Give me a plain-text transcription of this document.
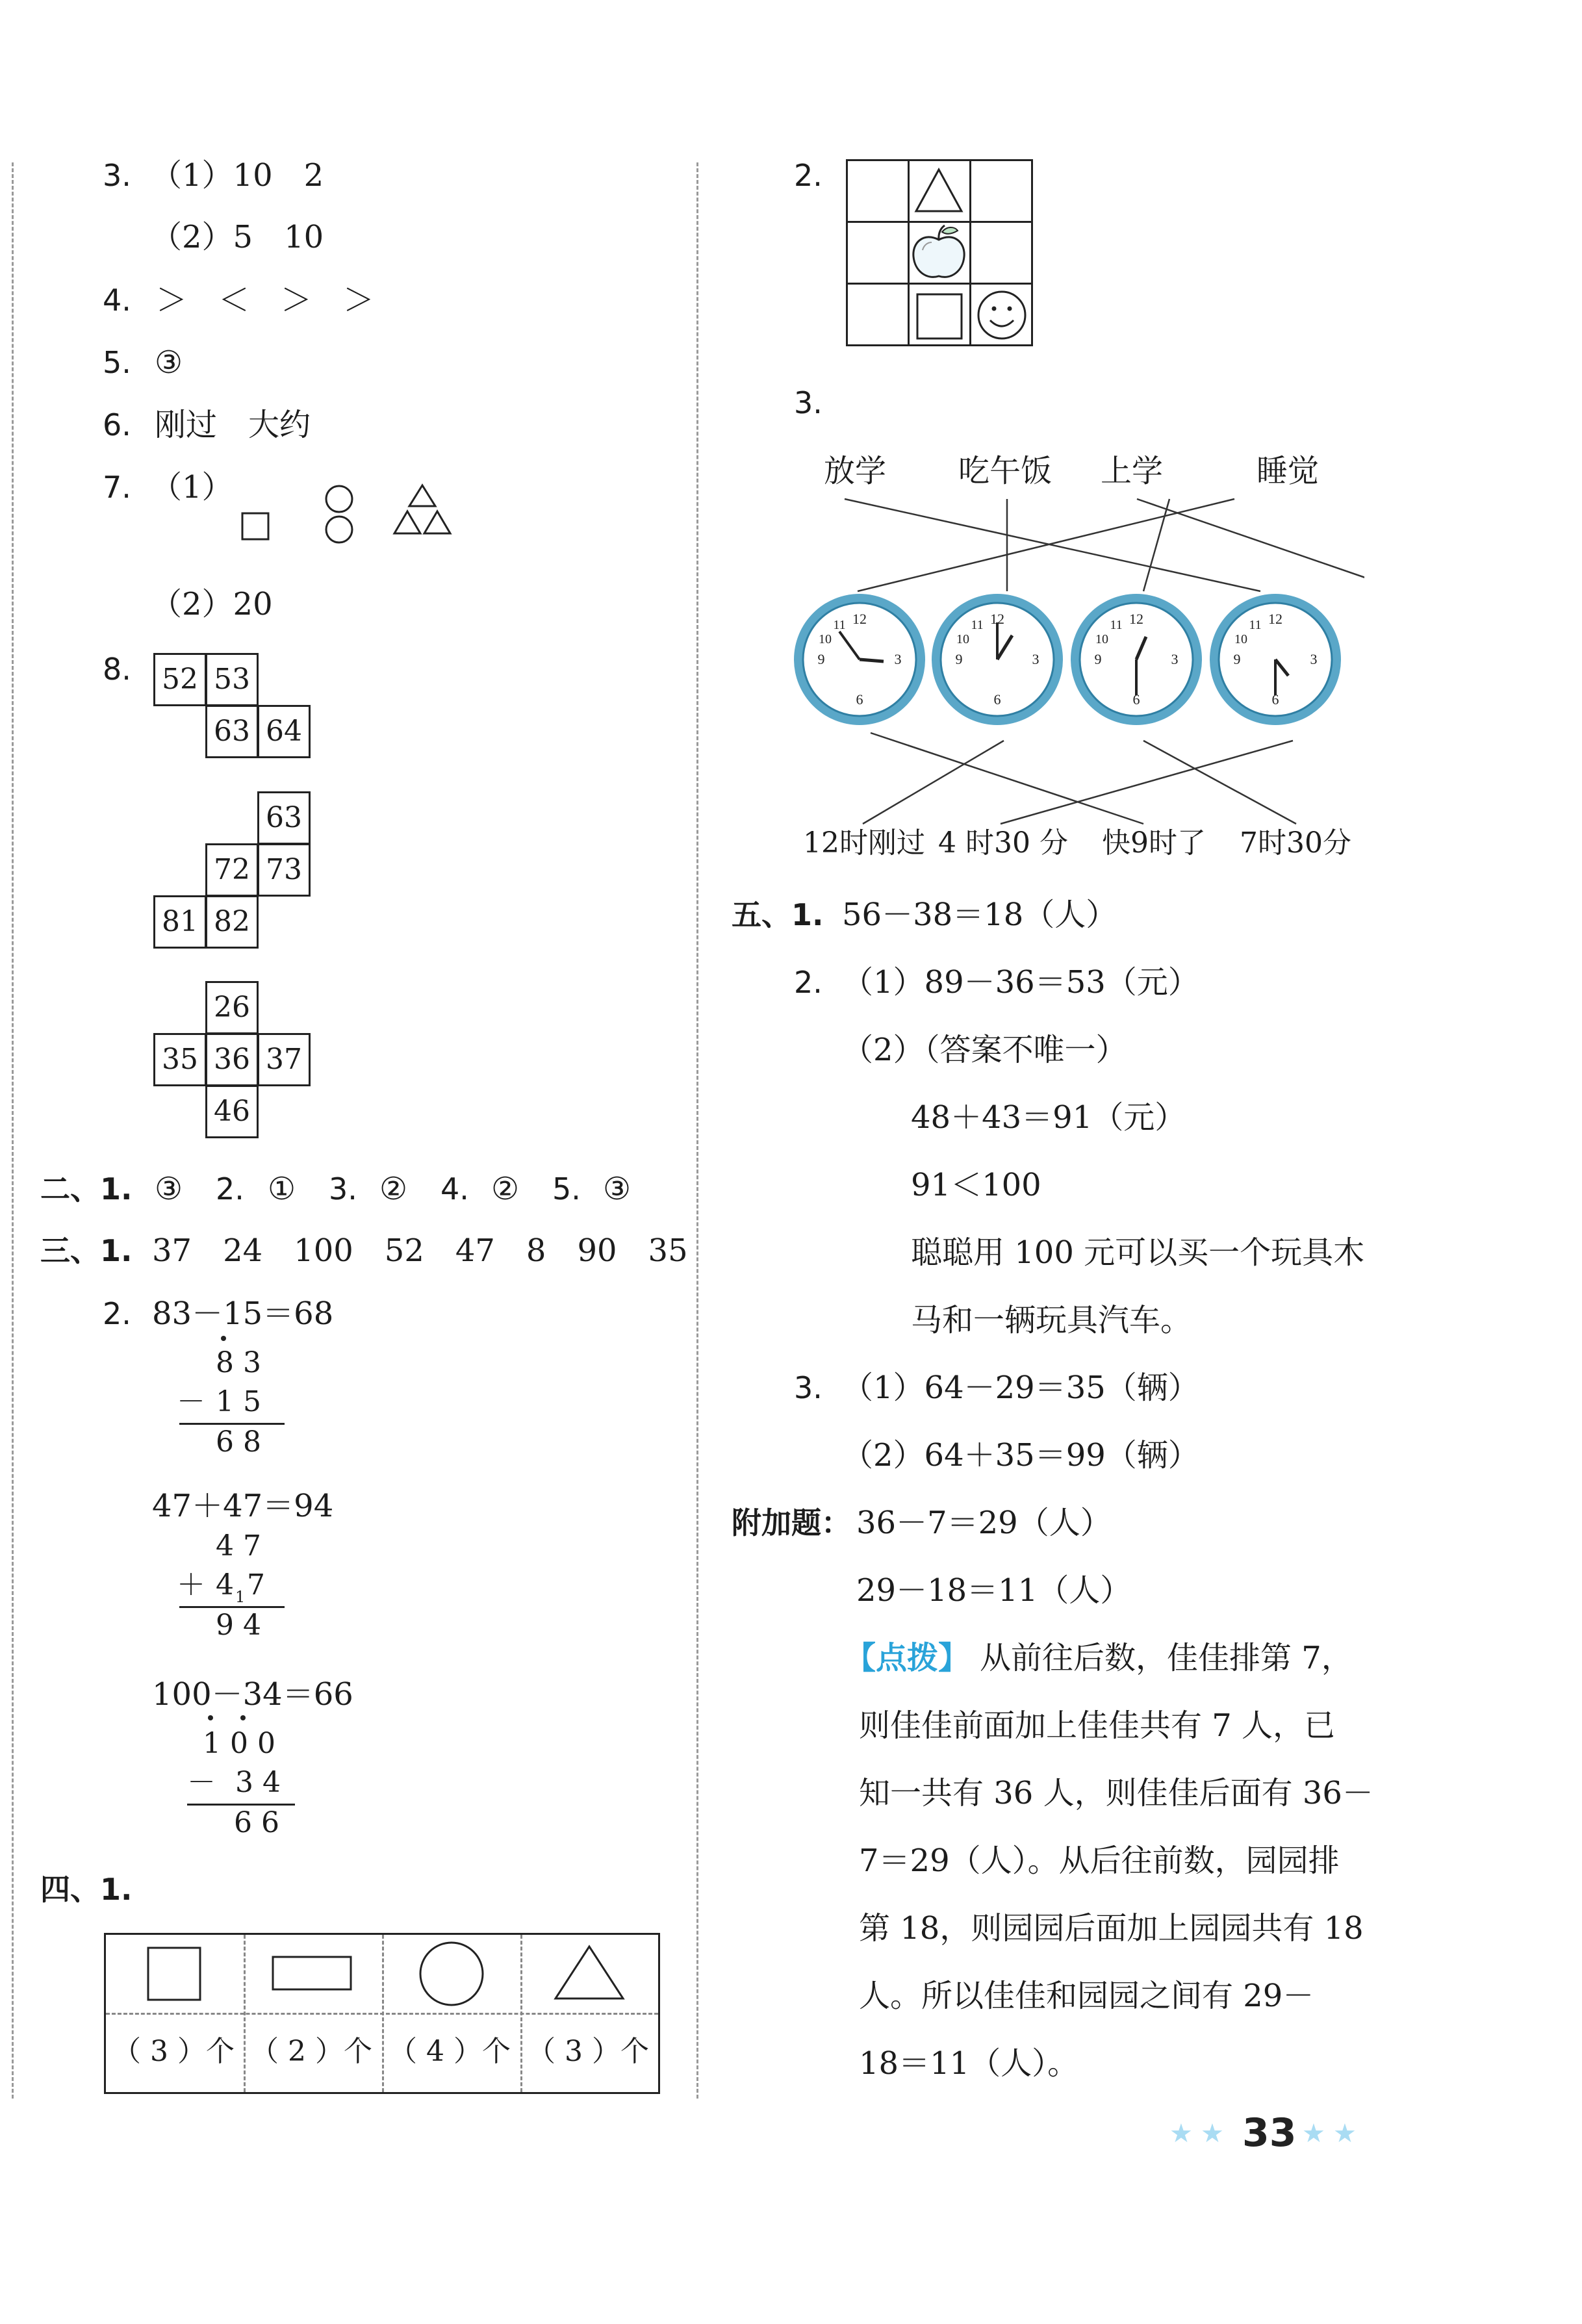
3. （1）10　2
（2）5　10
4. ＞　＜　＞　＞
5. ③
6. 刚过　大约
7. （1）
（2）20
8. 52 53
63 64
63
72 73
81 82
26
35 36 37
46
二、1. ③ 2. ① 3. ② 4. ② 5. ③
三、1. 37　24　100　52　47　8　90　35
2. 83－15＝68
8 3
－ 1 5
6 8
47＋47＝94
4 7
＋ 4 1 7
9 4
100－34＝66
1 0 0
－ 3 4
6 6
四、1.
（ 3 ）个 （ 2 ）个 （ 4 ）个 （ 3 ）个
2.
3.
放学 吃午饭 上学	睡觉
12
3
6
9
10
11	12
3
6
9
10
11	12
3
6
9
10
11	12
3
6
9
10
11
12时刚过 4 时30 分 快9时了 7时30分
五、1. 56－38＝18（人）
2. （1）89－36＝53（元）
（2）（答案不唯一）
48＋43＝91（元）
91＜100
聪聪用 100 元可以买一个玩具木
马和一辆玩具汽车。
3. （1）64－29＝35（辆）
（2）64＋35＝99（辆）
附加题： 36－7＝29（人）
29－18＝11（人）
【点拨】 从前往后数，佳佳排第 7，
则佳佳前面加上佳佳共有 7 人，已
知一共有 36 人，则佳佳后面有 36－
7＝29（人）。从后往前数，园园排
第 18，则园园后面加上园园共有 18
人。所以佳佳和园园之间有 29－
18＝11（人）。
★ ★ 33 ★ ★
